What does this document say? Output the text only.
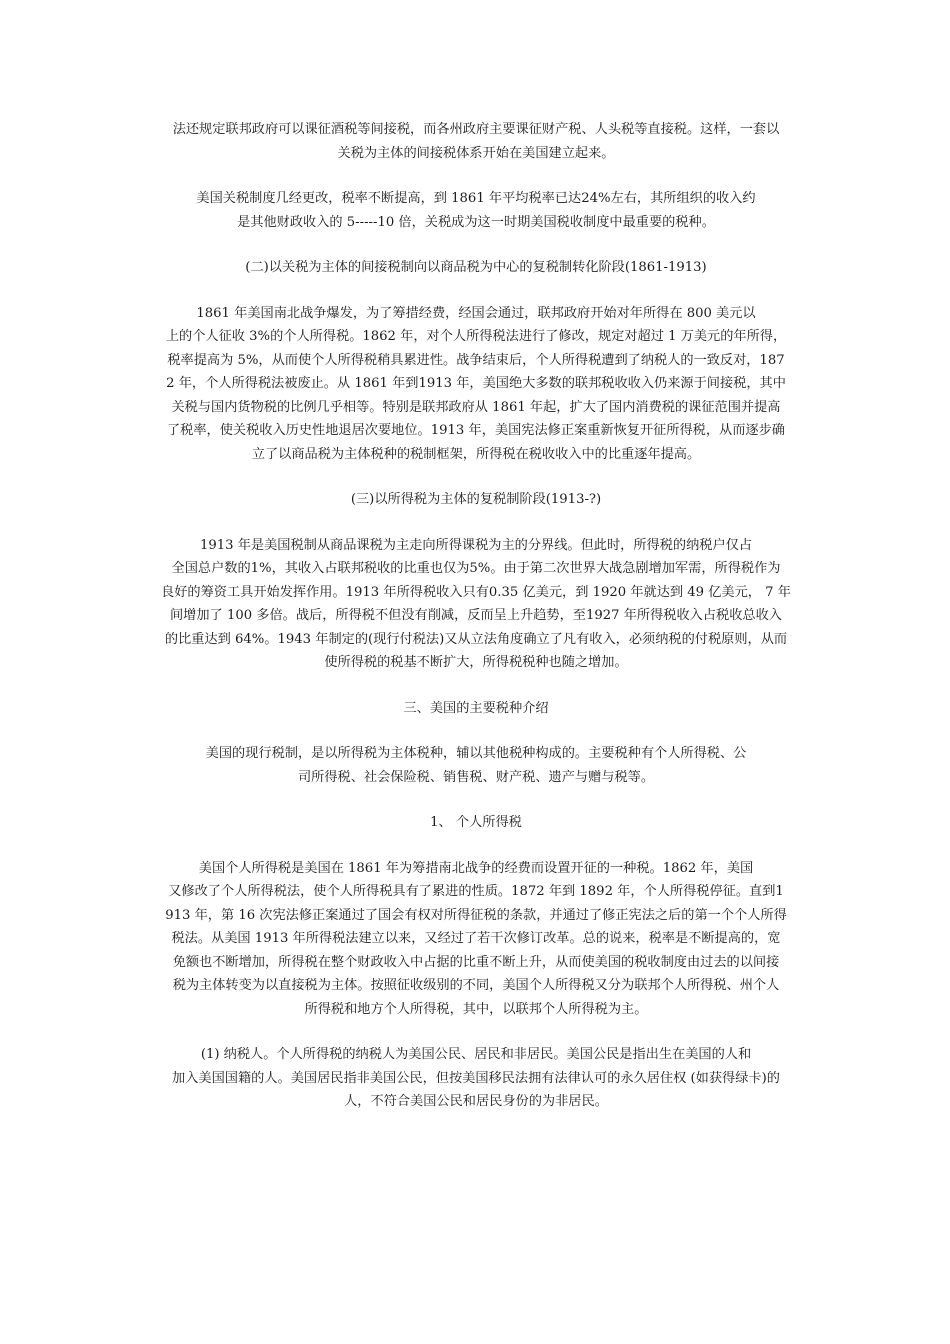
法还规定联邦政府可以课征酒税等间接税，而各州政府主要课征财产税、人头税等直接税。这样，一套以
关税为主体的间接税体系开始在美国建立起来。

美国关税制度几经更改，税率不断提高，到 1861 年平均税率已达24%左右，其所组织的收入约
是其他财政收入的 5-----10 倍，关税成为这一时期美国税收制度中最重要的税种。

(二)以关税为主体的间接税制向以商品税为中心的复税制转化阶段(1861-1913)

1861 年美国南北战争爆发，为了筹措经费，经国会通过，联邦政府开始对年所得在 800 美元以
上的个人征收 3%的个人所得税。1862 年，对个人所得税法进行了修改，规定对超过 1 万美元的年所得，
税率提高为 5%，从而使个人所得税稍具累进性。战争结束后，个人所得税遭到了纳税人的一致反对，187
2 年，个人所得税法被废止。从 1861 年到1913 年，美国绝大多数的联邦税收收入仍来源于间接税，其中
关税与国内货物税的比例几乎相等。特别是联邦政府从 1861 年起，扩大了国内消费税的课征范围并提高
了税率，使关税收入历史性地退居次要地位。1913 年，美国宪法修正案重新恢复开征所得税，从而逐步确
立了以商品税为主体税种的税制框架，所得税在税收收入中的比重逐年提高。

(三)以所得税为主体的复税制阶段(1913-?)

1913 年是美国税制从商品课税为主走向所得课税为主的分界线。但此时，所得税的纳税户仅占
全国总户数的1%，其收入占联邦税收的比重也仅为5%。由于第二次世界大战急剧增加军需，所得税作为
良好的筹资工具开始发挥作用。1913 年所得税收入只有0.35 亿美元，到 1920 年就达到 49 亿美元， 7 年
间增加了 100 多倍。战后，所得税不但没有削减，反而呈上升趋势，至1927 年所得税收入占税收总收入
的比重达到 64%。1943 年制定的(现行付税法)又从立法角度确立了凡有收入，必须纳税的付税原则，从而
使所得税的税基不断扩大，所得税税种也随之增加。

三、美国的主要税种介绍

美国的现行税制，是以所得税为主体税种，辅以其他税种构成的。主要税种有个人所得税、公
司所得税、社会保险税、销售税、财产税、遗产与赠与税等。

1、 个人所得税

美国个人所得税是美国在 1861 年为筹措南北战争的经费而设置开征的一种税。1862 年，美国
又修改了个人所得税法，使个人所得税具有了累进的性质。1872 年到 1892 年，个人所得税停征。直到1
913 年，第 16 次宪法修正案通过了国会有权对所得征税的条款，并通过了修正宪法之后的第一个个人所得
税法。从美国 1913 年所得税法建立以来，又经过了若干次修订改革。总的说来，税率是不断提高的，宽
免额也不断增加，所得税在整个财政收入中占据的比重不断上升，从而使美国的税收制度由过去的以间接
税为主体转变为以直接税为主体。按照征收级别的不同，美国个人所得税又分为联邦个人所得税、州个人
所得税和地方个人所得税，其中，以联邦个人所得税为主。

(1) 纳税人。个人所得税的纳税人为美国公民、居民和非居民。美国公民是指出生在美国的人和
加入美国国籍的人。美国居民指非美国公民，但按美国移民法拥有法律认可的永久居住权 (如获得绿卡)的
人，不符合美国公民和居民身份的为非居民。
